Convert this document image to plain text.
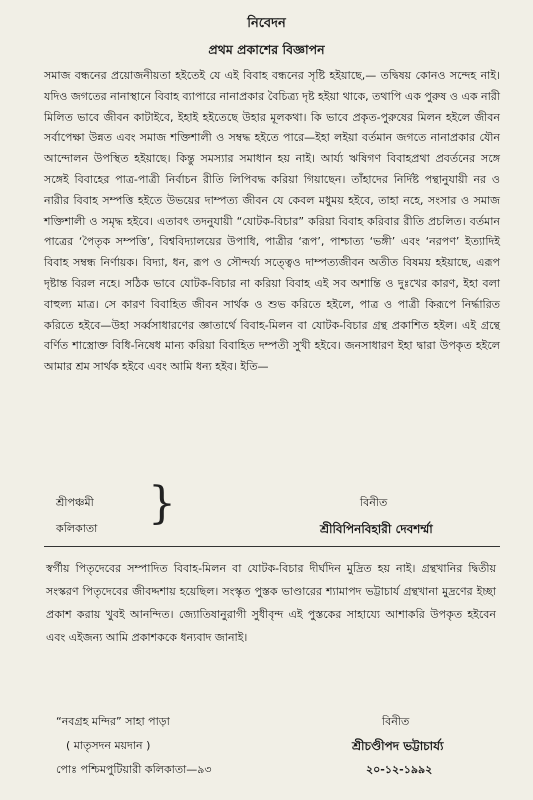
নিবেদন
প্রথম প্রকাশের বিজ্ঞাপন

সমাজ বন্ধনের প্রয়োজনীয়তা হইতেই যে এই বিবাহ বন্ধনের সৃষ্টি হইয়াছে,— তদ্বিষয় কোনও সন্দেহ নাই। যদিও জগতের নানাস্থানে বিবাহ ব্যাপারে নানাপ্রকার বৈচিত্র্য দৃষ্ট হইয়া থাকে, তথাপি এক পুরুষ ও এক নারী মিলিত ভাবে জীবন কাটাইবে, ইহাই হইতেছে উহার মূলকথা। কি ভাবে প্রকৃত-পুরুষের মিলন হইলে জীবন সর্বাপেক্ষা উন্নত এবং সমাজ শক্তিশালী ও সম্বদ্ধ হইতে পারে—ইহা লইয়া বর্তমান জগতে নানাপ্রকার যৌন আন্দোলন উপস্থিত হইয়াছে। কিন্তু সমস্যার সমাধান হয় নাই। আর্য্য ঋষিগণ বিবাহপ্রথা প্রবর্তনের সঙ্গে সঙ্গেই বিবাহের পাত্র-পাত্রী নির্বাচন রীতি লিপিবদ্ধ করিয়া গিয়াছেন। তাঁহাদের নির্দিষ্ট পন্থানুযায়ী নর ও নারীর বিবাহ সম্পত্তি হইতে উভয়ের দাম্পত্য জীবন যে কেবল মধুময় হইবে, তাহা নহে, সংসার ও সমাজ শক্তিশালী ও সমৃদ্ধ হইবে। এতাবৎ তদনুযায়ী “যোটক-বিচার” করিয়া বিবাহ করিবার রীতি প্রচলিত। বর্তমান পাত্রের ‘পৈতৃক সম্পত্তি’, বিশ্ববিদ্যালয়ের উপাধি, পাত্রীর ‘রূপ’, পাশ্চাত্য ‘ভঙ্গী’ এবং ‘নরপণ’ ইত্যাদিই বিবাহ সম্বন্ধ নির্ণায়ক। বিদ্যা, ধন, রূপ ও সৌন্দর্য্য সত্ত্বেও দাম্পত্যজীবন অতীত বিষময় হইয়াছে, এরূপ দৃষ্টান্ত বিরল নহে। সঠিক ভাবে যোটক-বিচার না করিয়া বিবাহ এই সব অশান্তি ও দুঃখের কারণ, ইহা বলা বাহুল্য মাত্র। সে কারণ বিবাহিত জীবন সার্থক ও শুভ করিতে হইলে, পাত্র ও পাত্রী কিরূপে নির্দ্ধারিত করিতে হইবে—উহা সর্ব্বসাধারণের জ্ঞাতার্থে বিবাহ-মিলন বা যোটক-বিচার গ্রন্থ প্রকাশিত হইল। এই গ্রন্থে বর্ণিত শাস্ত্রোক্ত বিধি-নিষেধ মান্য করিয়া বিবাহিত দম্পতী সুখী হইবে। জনসাধারণ ইহা দ্বারা উপকৃত হইলে আমার শ্রম সার্থক হইবে এবং আমি ধন্য হইব। ইতি—

শ্রীপঞ্চমী
কলিকাতা }	বিনীত
শ্রীবিপিনবিহারী দেবশর্ম্মা

স্বর্গীয় পিতৃদেবের সম্পাদিত বিবাহ-মিলন বা যোটক-বিচার দীর্ঘদিন মুদ্রিত হয় নাই। গ্রন্থখানির দ্বিতীয় সংস্করণ পিতৃদেবের জীবদ্দশায় হয়েছিল। সংস্কৃত পুস্তক ভাণ্ডারের শ্যামাপদ ভট্টাচার্য গ্রন্থখানা মুদ্রণের ইচ্ছা প্রকাশ করায় খুবই আনন্দিত। জ্যোতিষানুরাগী সুধীবৃন্দ এই পুস্তকের সাহায্যে আশাকরি উপকৃত হইবেন এবং এইজন্য আমি প্রকাশককে ধন্যবাদ জানাই।

“নবগ্রহ মন্দির” সাহা পাড়া
( মাতৃসদন ময়দান )
পোঃ পশ্চিমপুটিয়ারী কলিকাতা—৯৩
বিনীত
শ্রীচণ্ডীপদ ভট্টাচার্য্য
২০-১২-১৯৯২
